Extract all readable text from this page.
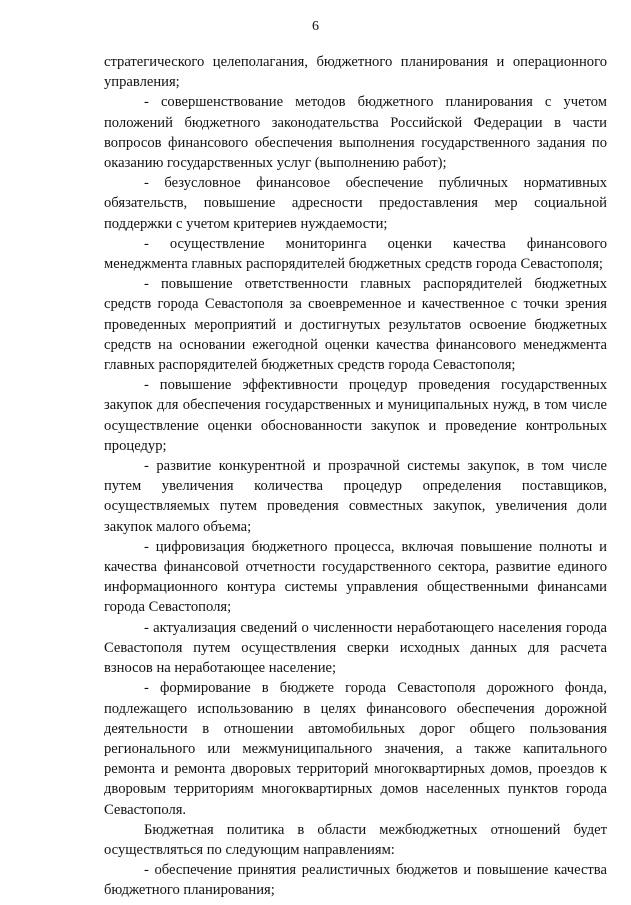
6

стратегического целеполагания, бюджетного планирования и операционного управления;

- совершенствование методов бюджетного планирования с учетом положений бюджетного законодательства Российской Федерации в части вопросов финансового обеспечения выполнения государственного задания по оказанию государственных услуг (выполнению работ);

- безусловное финансовое обеспечение публичных нормативных обязательств, повышение адресности предоставления мер социальной поддержки с учетом критериев нуждаемости;

- осуществление мониторинга оценки качества финансового менеджмента главных распорядителей бюджетных средств города Севастополя;

- повышение ответственности главных распорядителей бюджетных средств города Севастополя за своевременное и качественное с точки зрения проведенных мероприятий и достигнутых результатов освоение бюджетных средств на основании ежегодной оценки качества финансового менеджмента главных распорядителей бюджетных средств города Севастополя;

- повышение эффективности процедур проведения государственных закупок для обеспечения государственных и муниципальных нужд, в том числе осуществление оценки обоснованности закупок и проведение контрольных процедур;

- развитие конкурентной и прозрачной системы закупок, в том числе путем увеличения количества процедур определения поставщиков, осуществляемых путем проведения совместных закупок, увеличения доли закупок малого объема;

- цифровизация бюджетного процесса, включая повышение полноты и качества финансовой отчетности государственного сектора, развитие единого информационного контура системы управления общественными финансами города Севастополя;

- актуализация сведений о численности неработающего населения города Севастополя путем осуществления сверки исходных данных для расчета взносов на неработающее население;

- формирование в бюджете города Севастополя дорожного фонда, подлежащего использованию в целях финансового обеспечения дорожной деятельности в отношении автомобильных дорог общего пользования регионального или межмуниципального значения, а также капитального ремонта и ремонта дворовых территорий многоквартирных домов, проездов к дворовым территориям многоквартирных домов населенных пунктов города Севастополя.

Бюджетная политика в области межбюджетных отношений будет осуществляться по следующим направлениям:

- обеспечение принятия реалистичных бюджетов и повышение качества бюджетного планирования;
